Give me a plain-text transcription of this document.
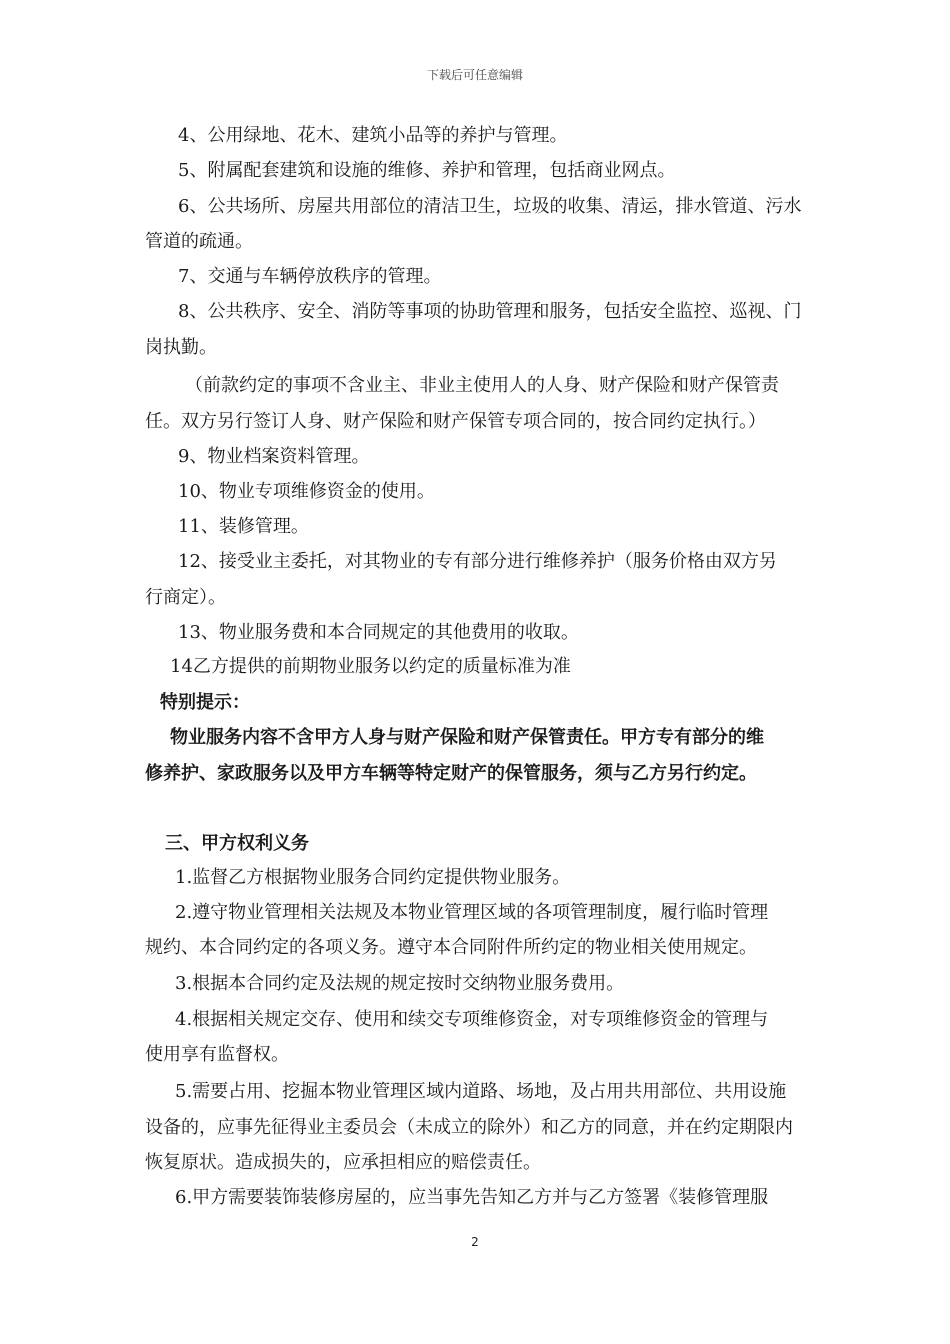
下载后可任意编辑
4、公用绿地、花木、建筑小品等的养护与管理。
5、附属配套建筑和设施的维修、养护和管理，包括商业网点。
6、公共场所、房屋共用部位的清洁卫生，垃圾的收集、清运，排水管道、污水
管道的疏通。
7、交通与车辆停放秩序的管理。
8、公共秩序、安全、消防等事项的协助管理和服务，包括安全监控、巡视、门
岗执勤。
（前款约定的事项不含业主、非业主使用人的人身、财产保险和财产保管责
任。双方另行签订人身、财产保险和财产保管专项合同的，按合同约定执行。）
9、物业档案资料管理。
10、物业专项维修资金的使用。
11、装修管理。
12、接受业主委托，对其物业的专有部分进行维修养护（服务价格由双方另
行商定）。
13、物业服务费和本合同规定的其他费用的收取。
14乙方提供的前期物业服务以约定的质量标准为准
特别提示：
物业服务内容不含甲方人身与财产保险和财产保管责任。甲方专有部分的维
修养护、家政服务以及甲方车辆等特定财产的保管服务，须与乙方另行约定。
三、甲方权利义务
1.监督乙方根据物业服务合同约定提供物业服务。
2.遵守物业管理相关法规及本物业管理区域的各项管理制度，履行临时管理
规约、本合同约定的各项义务。遵守本合同附件所约定的物业相关使用规定。
3.根据本合同约定及法规的规定按时交纳物业服务费用。
4.根据相关规定交存、使用和续交专项维修资金，对专项维修资金的管理与
使用享有监督权。
5.需要占用、挖掘本物业管理区域内道路、场地，及占用共用部位、共用设施
设备的，应事先征得业主委员会（未成立的除外）和乙方的同意，并在约定期限内
恢复原状。造成损失的，应承担相应的赔偿责任。
6.甲方需要装饰装修房屋的，应当事先告知乙方并与乙方签署《装修管理服
2
